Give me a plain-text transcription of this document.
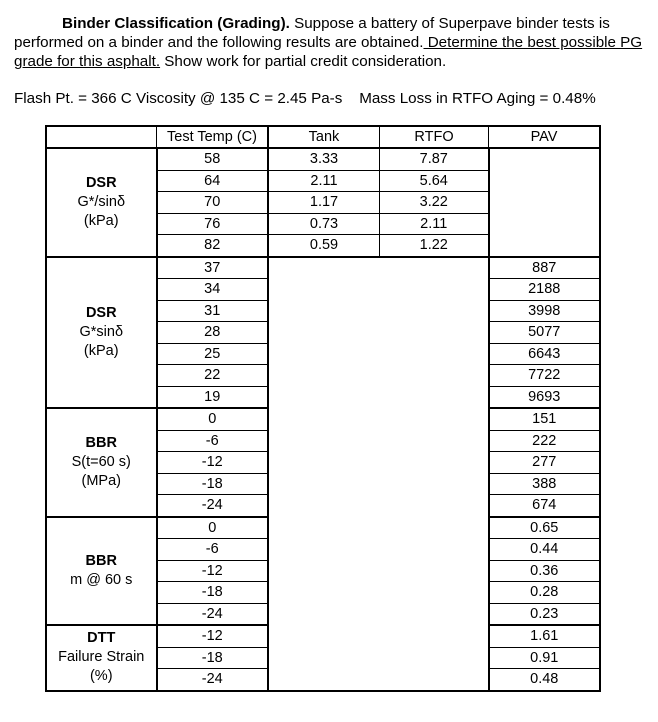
Binder Classification (Grading). Suppose a battery of Superpave binder tests is performed on a binder and the following results are obtained. Determine the best possible PG grade for this asphalt. Show work for partial credit consideration.
Flash Pt. = 366 C Viscosity @ 135 C = 2.45 Pa-s    Mass Loss in RTFO Aging = 0.48%
	Test Temp (C)	Tank	RTFO	PAV
DSR
G*/sinδ
(kPa)	58	3.33	7.87	
	64	2.11	5.64	
	70	1.17	3.22	
	76	0.73	2.11	
	82	0.59	1.22	
DSR
G*sinδ
(kPa)	37			887
	34			2188
	31			3998
	28			5077
	25			6643
	22			7722
	19			9693
BBR
S(t=60 s)
(MPa)	0			151
	-6			222
	-12			277
	-18			388
	-24			674
BBR
m @ 60 s	0			0.65
	-6			0.44
	-12			0.36
	-18			0.28
	-24			0.23
DTT
Failure Strain
(%)	-12			1.61
	-18			0.91
	-24			0.48
